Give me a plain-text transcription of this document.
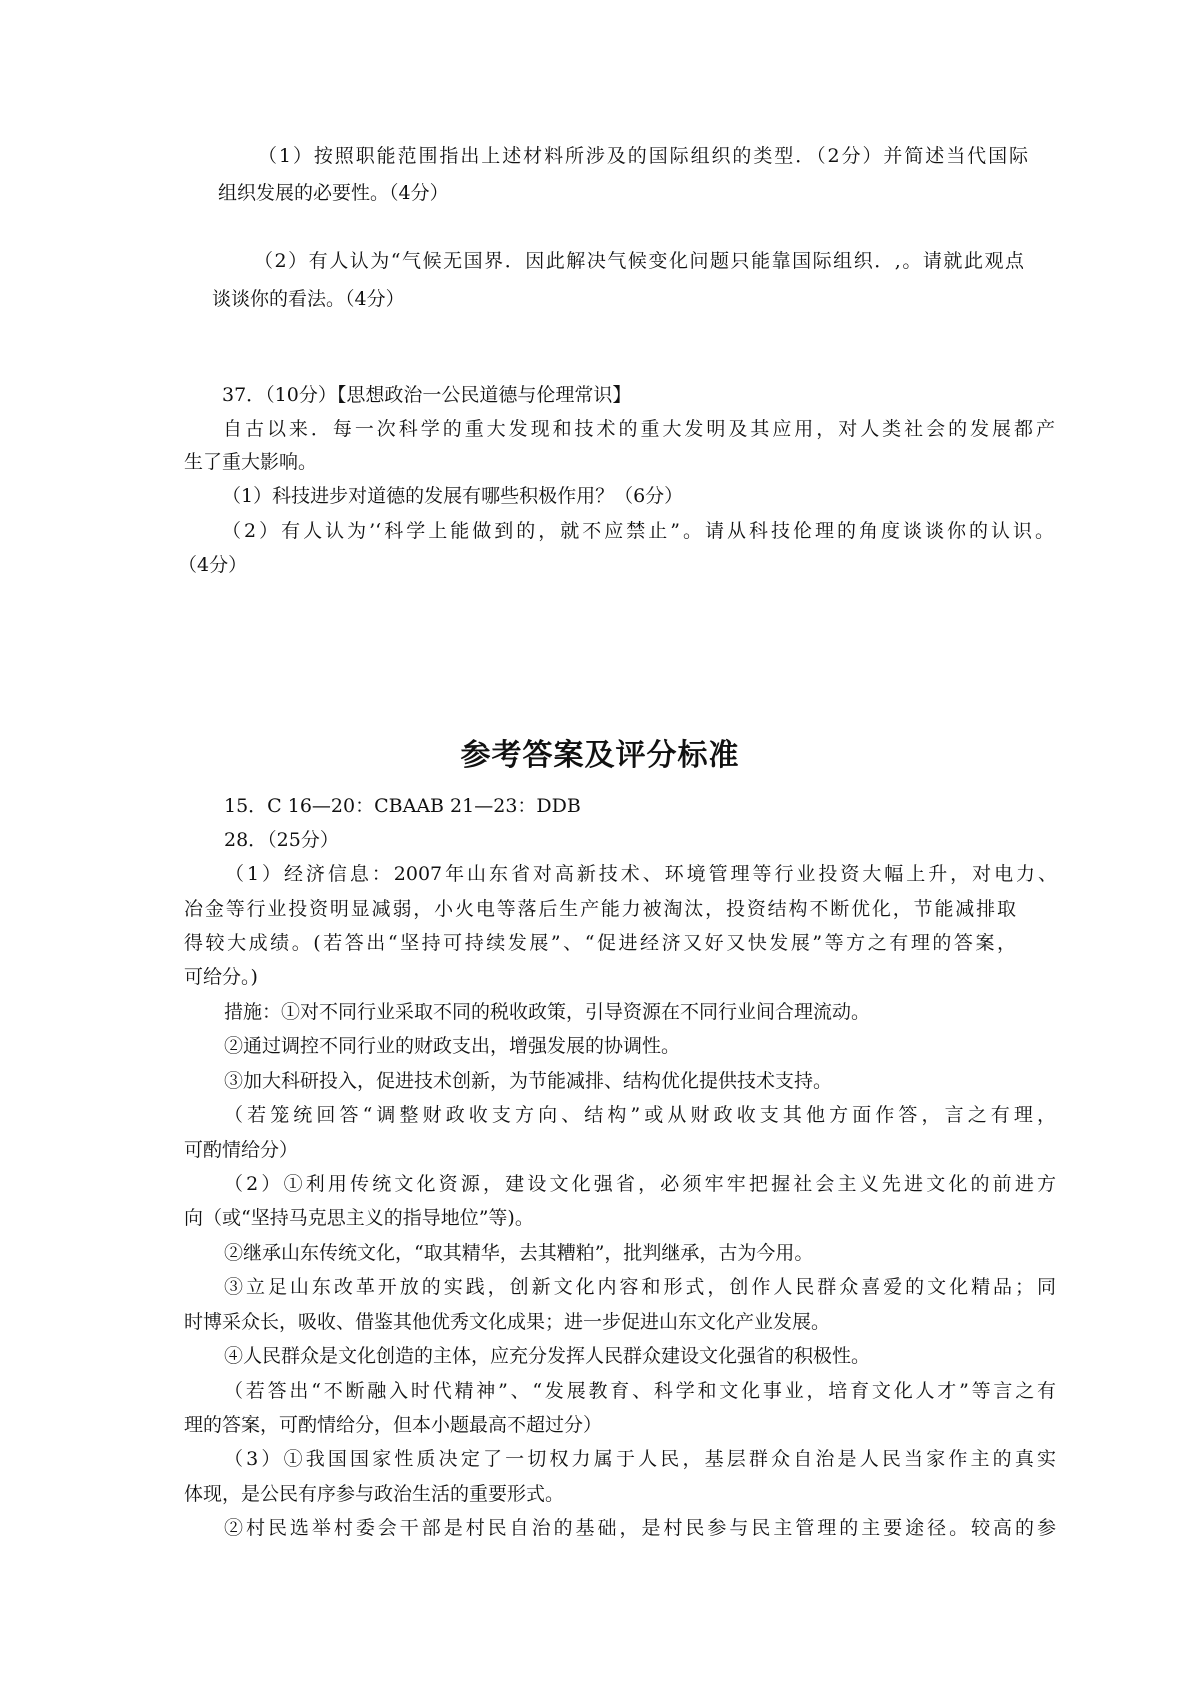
（1）按照职能范围指出上述材料所涉及的国际组织的类型．（2分）并简述当代国际

组织发展的必要性。（4分）

（2）有人认为“气候无国界．因此解决气候变化问题只能靠国际组织．,。请就此观点

谈谈你的看法。（4分）

37．（10分）【思想政治一公民道德与伦理常识】

自古以来．每一次科学的重大发现和技术的重大发明及其应用，对人类社会的发展都产

生了重大影响。

（1）科技进步对道德的发展有哪些积极作用？（6分）

（2）有人认为’‘科学上能做到的，就不应禁止”。请从科技伦理的角度谈谈你的认识。

（4分）

参考答案及评分标准

15．C 16—20：CBAAB 21—23：DDB

28．（25分）

（1）经济信息：2007年山东省对高新技术、环境管理等行业投资大幅上升，对电力、

冶金等行业投资明显减弱，小火电等落后生产能力被淘汰，投资结构不断优化，节能减排取

得较大成绩。(若答出“坚持可持续发展”、“促进经济又好又快发展”等方之有理的答案，

可给分。)

措施：①对不同行业采取不同的税收政策，引导资源在不同行业间合理流动。

②通过调控不同行业的财政支出，增强发展的协调性。

③加大科研投入，促进技术创新，为节能减排、结构优化提供技术支持。

（若笼统回答“调整财政收支方向、结构”或从财政收支其他方面作答，言之有理，

可酌情给分）

（2）①利用传统文化资源，建设文化强省，必须牢牢把握社会主义先进文化的前进方

向（或“坚持马克思主义的指导地位”等)。

②继承山东传统文化，“取其精华，去其糟粕”，批判继承，古为今用。

③立足山东改革开放的实践，创新文化内容和形式，创作人民群众喜爱的文化精品；同

时博采众长，吸收、借鉴其他优秀文化成果；进一步促进山东文化产业发展。

④人民群众是文化创造的主体，应充分发挥人民群众建设文化强省的积极性。

（若答出“不断融入时代精神”、“发展教育、科学和文化事业，培育文化人才”等言之有

理的答案，可酌情给分，但本小题最高不超过分）

（3）①我国国家性质决定了一切权力属于人民，基层群众自治是人民当家作主的真实

体现，是公民有序参与政治生活的重要形式。

②村民选举村委会干部是村民自治的基础，是村民参与民主管理的主要途径。较高的参
